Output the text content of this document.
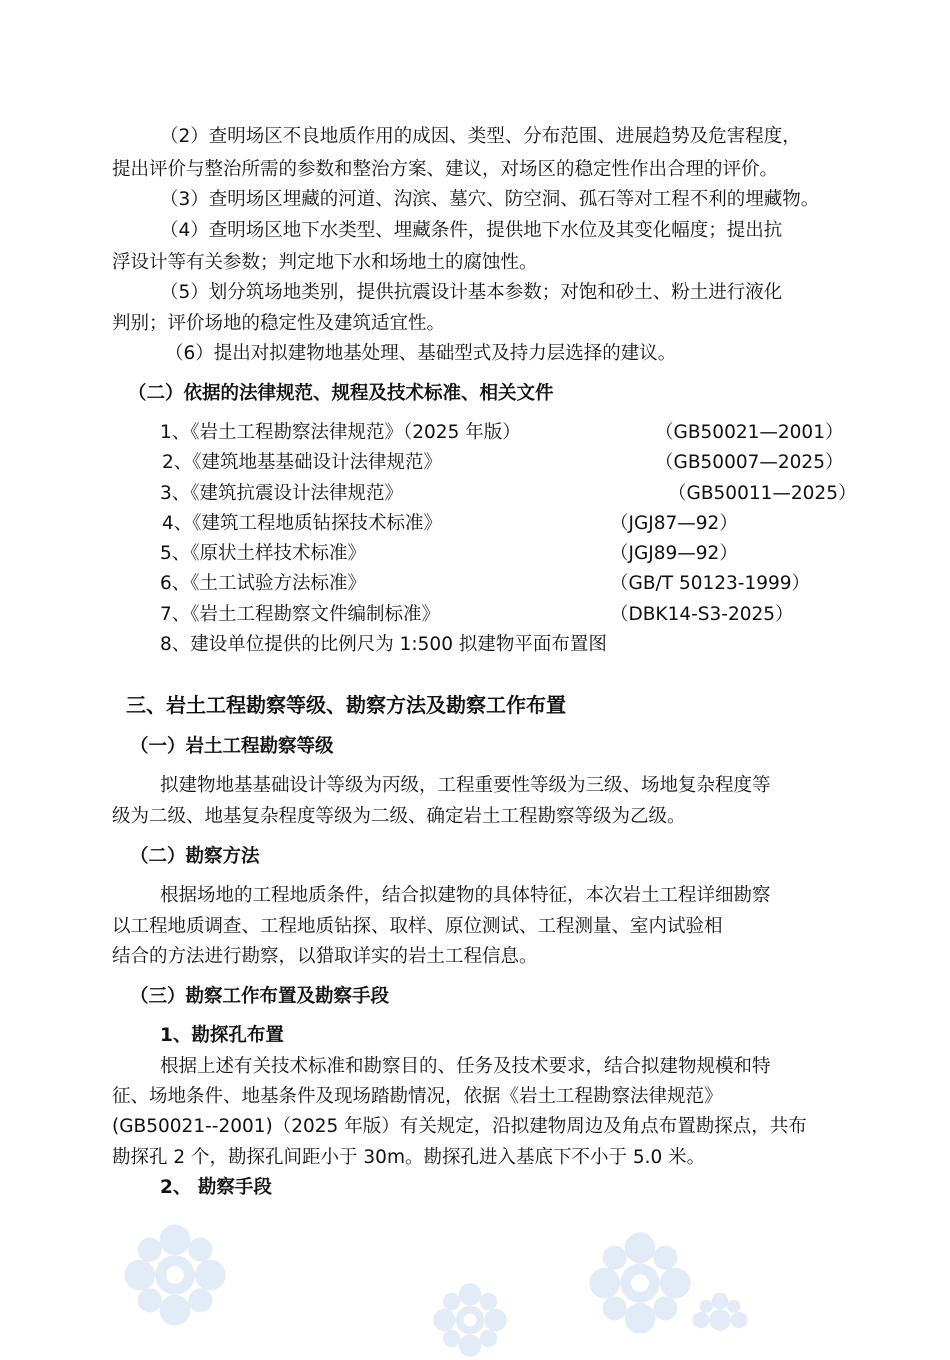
（2）查明场区不良地质作用的成因、类型、分布范围、进展趋势及危害程度，
提出评价与整治所需的参数和整治方案、建议，对场区的稳定性作出合理的评价。
（3）查明场区埋藏的河道、沟滨、墓穴、防空洞、孤石等对工程不利的埋藏物。
（4）查明场区地下水类型、埋藏条件，提供地下水位及其变化幅度；提出抗
浮设计等有关参数；判定地下水和场地土的腐蚀性。
（5）划分筑场地类别，提供抗震设计基本参数；对饱和砂土、粉土进行液化
判别；评价场地的稳定性及建筑适宜性。
（6）提出对拟建物地基处理、基础型式及持力层选择的建议。
（二）依据的法律规范、规程及技术标准、相关文件
1、《岩土工程勘察法律规范》（2025 年版）	（GB50021—2001）
2、《建筑地基基础设计法律规范》	（GB50007—2025）
3、《建筑抗震设计法律规范》	（GB50011—2025）
4、《建筑工程地质钻探技术标准》	（JGJ87—92）
5、《原状土样技术标准》	（JGJ89—92）
6、《土工试验方法标准》	（GB/T 50123-1999）
7、《岩土工程勘察文件编制标准》	（DBK14-S3-2025）
8、建设单位提供的比例尺为 1:500 拟建物平面布置图
三、岩土工程勘察等级、勘察方法及勘察工作布置
（一）岩土工程勘察等级
拟建物地基基础设计等级为丙级，工程重要性等级为三级、场地复杂程度等
级为二级、地基复杂程度等级为二级、确定岩土工程勘察等级为乙级。
（二）勘察方法
根据场地的工程地质条件，结合拟建物的具体特征，本次岩土工程详细勘察
以工程地质调查、工程地质钻探、取样、原位测试、工程测量、室内试验相
结合的方法进行勘察，以猎取详实的岩土工程信息。
（三）勘察工作布置及勘察手段
1、勘探孔布置
根据上述有关技术标准和勘察目的、任务及技术要求，结合拟建物规模和特
征、场地条件、地基条件及现场踏勘情况，依据《岩土工程勘察法律规范》
(GB50021--2001)（2025 年版）有关规定，沿拟建物周边及角点布置勘探点，共布
勘探孔 2 个，勘探孔间距小于 30m。勘探孔进入基底下不小于 5.0 米。
2、 勘察手段
